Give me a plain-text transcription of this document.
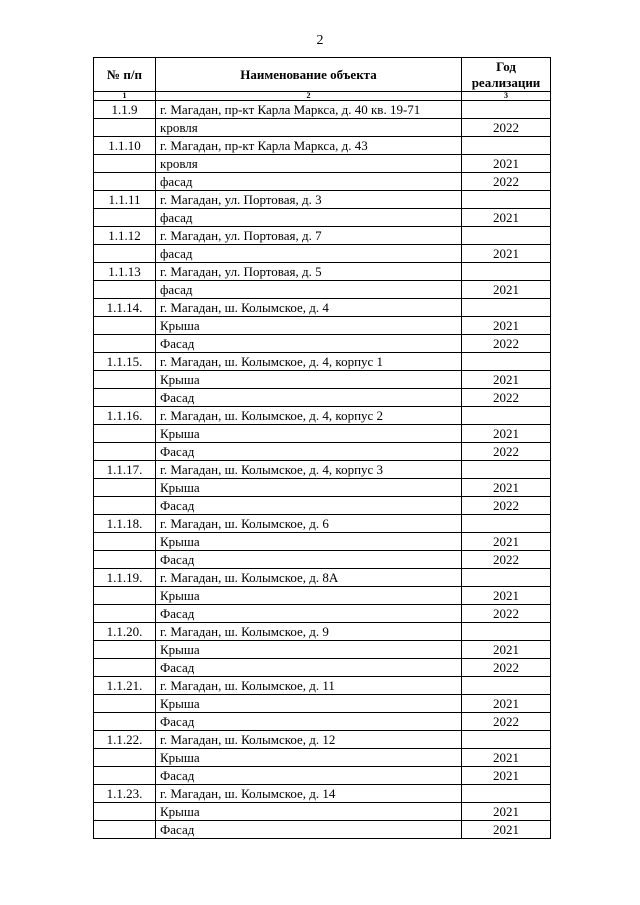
2
№ п/п	Наименование объекта	Год реализации
1	2	3
1.1.9	г. Магадан, пр-кт Карла Маркса, д. 40 кв. 19-71	
	кровля	2022
1.1.10	г. Магадан, пр-кт Карла Маркса, д. 43	
	кровля	2021
	фасад	2022
1.1.11	г. Магадан, ул. Портовая, д. 3	
	фасад	2021
1.1.12	г. Магадан, ул. Портовая, д. 7	
	фасад	2021
1.1.13	г. Магадан, ул. Портовая, д. 5	
	фасад	2021
1.1.14.	г. Магадан, ш. Колымское, д. 4	
	Крыша	2021
	Фасад	2022
1.1.15.	г. Магадан, ш. Колымское, д. 4, корпус 1	
	Крыша	2021
	Фасад	2022
1.1.16.	г. Магадан, ш. Колымское, д. 4, корпус 2	
	Крыша	2021
	Фасад	2022
1.1.17.	г. Магадан, ш. Колымское, д. 4, корпус 3	
	Крыша	2021
	Фасад	2022
1.1.18.	г. Магадан, ш. Колымское, д. 6	
	Крыша	2021
	Фасад	2022
1.1.19.	г. Магадан, ш. Колымское, д. 8А	
	Крыша	2021
	Фасад	2022
1.1.20.	г. Магадан, ш. Колымское, д. 9	
	Крыша	2021
	Фасад	2022
1.1.21.	г. Магадан, ш. Колымское, д. 11	
	Крыша	2021
	Фасад	2022
1.1.22.	г. Магадан, ш. Колымское, д. 12	
	Крыша	2021
	Фасад	2021
1.1.23.	г. Магадан, ш. Колымское, д. 14	
	Крыша	2021
	Фасад	2021
